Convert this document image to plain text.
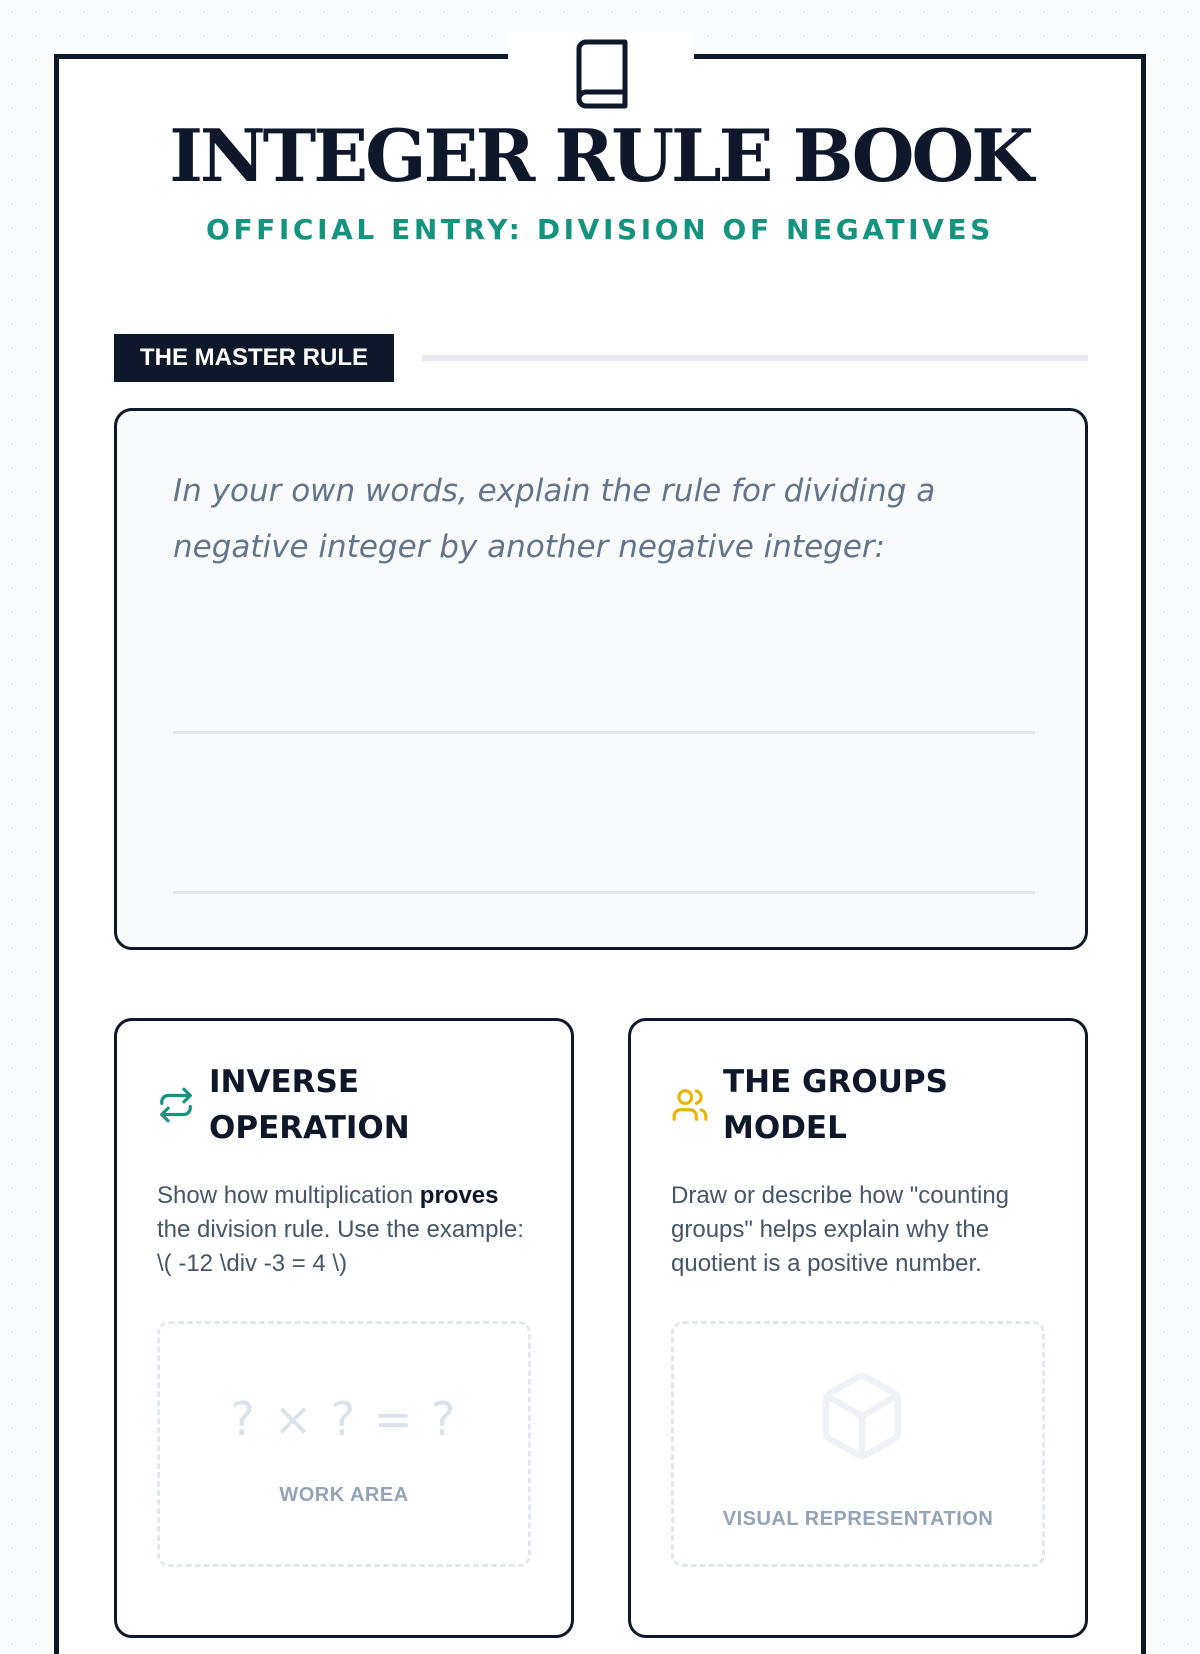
INTEGER RULE BOOK
OFFICIAL ENTRY: DIVISION OF NEGATIVES
THE MASTER RULE

In your own words, explain the rule for dividing a negative integer by another negative integer:

INVERSE OPERATION

Show how multiplication proves the division rule. Use the example: \( -12 \div -3 = 4 \)

? × ? = ?
WORK AREA
THE GROUPS MODEL

Draw or describe how "counting groups" helps explain why the quotient is a positive number.

VISUAL REPRESENTATION
